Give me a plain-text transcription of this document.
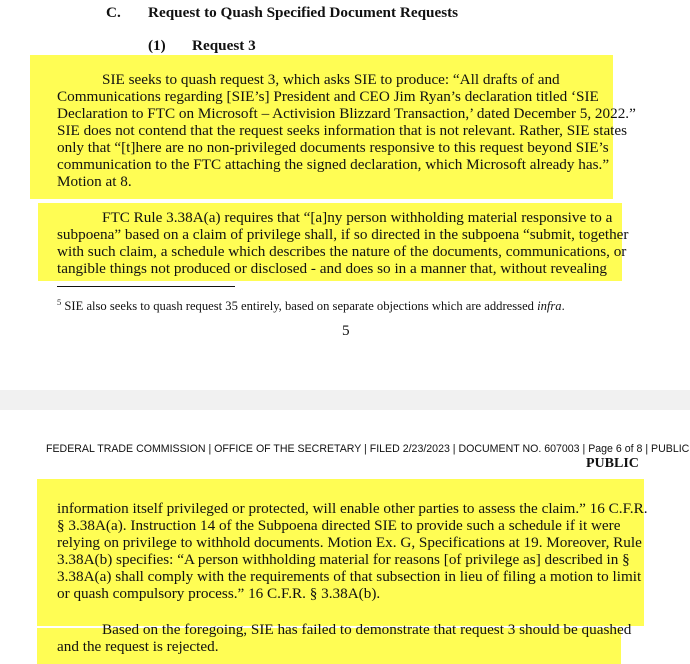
C. Request to Quash Specified Document Requests
(1) Request 3
SIE seeks to quash request 3, which asks SIE to produce: “All drafts of and
Communications regarding [SIE’s] President and CEO Jim Ryan’s declaration titled ‘SIE
Declaration to FTC on Microsoft – Activision Blizzard Transaction,’ dated December 5, 2022.”
SIE does not contend that the request seeks information that is not relevant. Rather, SIE states
only that “[t]here are no non-privileged documents responsive to this request beyond SIE’s
communication to the FTC attaching the signed declaration, which Microsoft already has.”
Motion at 8.
FTC Rule 3.38A(a) requires that “[a]ny person withholding material responsive to a
subpoena” based on a claim of privilege shall, if so directed in the subpoena “submit, together
with such claim, a schedule which describes the nature of the documents, communications, or
tangible things not produced or disclosed - and does so in a manner that, without revealing
$^5$ SIE also seeks to quash request 35 entirely, based on separate objections which are addressed infra.
5
FEDERAL TRADE COMMISSION | OFFICE OF THE SECRETARY | FILED 2/23/2023 | DOCUMENT NO. 607003 | Page 6 of 8 | PUBLIC
PUBLIC
information itself privileged or protected, will enable other parties to assess the claim.” 16 C.F.R.
§ 3.38A(a). Instruction 14 of the Subpoena directed SIE to provide such a schedule if it were
relying on privilege to withhold documents. Motion Ex. G, Specifications at 19. Moreover, Rule
3.38A(b) specifies: “A person withholding material for reasons [of privilege as] described in §
3.38A(a) shall comply with the requirements of that subsection in lieu of filing a motion to limit
or quash compulsory process.” 16 C.F.R. § 3.38A(b).
Based on the foregoing, SIE has failed to demonstrate that request 3 should be quashed
and the request is rejected.
